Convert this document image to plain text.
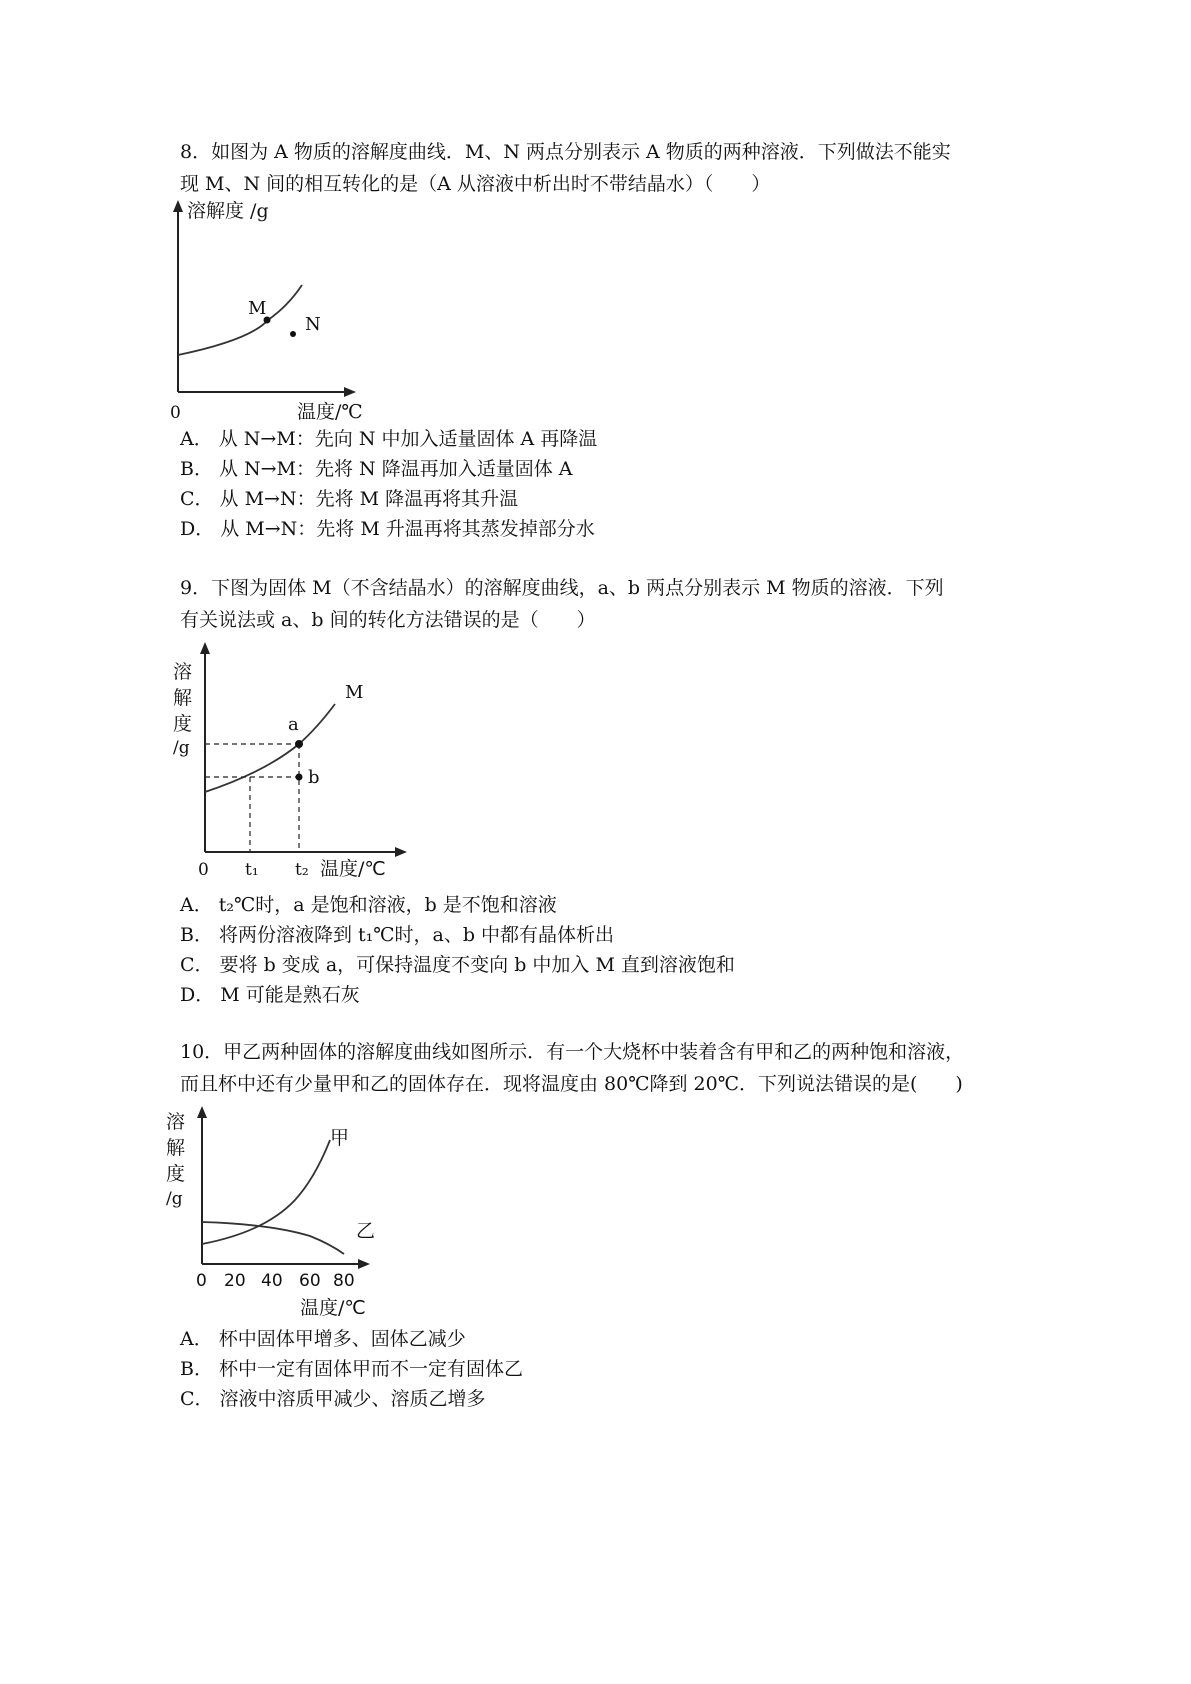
8．如图为 A 物质的溶解度曲线．M、N 两点分别表示 A 物质的两种溶液．下列做法不能实

现 M、N 间的相互转化的是（A 从溶液中析出时不带结晶水）（　　）

M
N
溶解度 /g
0	温度/℃
A． 从 N→M：先向 N 中加入适量固体 A 再降温
B． 从 N→M：先将 N 降温再加入适量固体 A
C． 从 M→N：先将 M 降温再将其升温
D． 从 M→N：先将 M 升温再将其蒸发掉部分水

9．下图为固体 M（不含结晶水）的溶解度曲线，a、b 两点分别表示 M 物质的溶液．下列

有关说法或 a、b 间的转化方法错误的是（　　）

a
b
M
溶
解
度
/g
0 t₁ t₂ 温度/℃
A． t₂℃时，a 是饱和溶液，b 是不饱和溶液
B． 将两份溶液降到 t₁℃时，a、b 中都有晶体析出
C． 要将 b 变成 a，可保持温度不变向 b 中加入 M 直到溶液饱和
D． M 可能是熟石灰

10．甲乙两种固体的溶解度曲线如图所示．有一个大烧杯中装着含有甲和乙的两种饱和溶液，

而且杯中还有少量甲和乙的固体存在．现将温度由 80℃降到 20℃．下列说法错误的是(　　)

甲
乙
溶
解
度
/g
0 20 40 60 80
温度/℃
A． 杯中固体甲增多、固体乙减少
B． 杯中一定有固体甲而不一定有固体乙
C． 溶液中溶质甲减少、溶质乙增多
